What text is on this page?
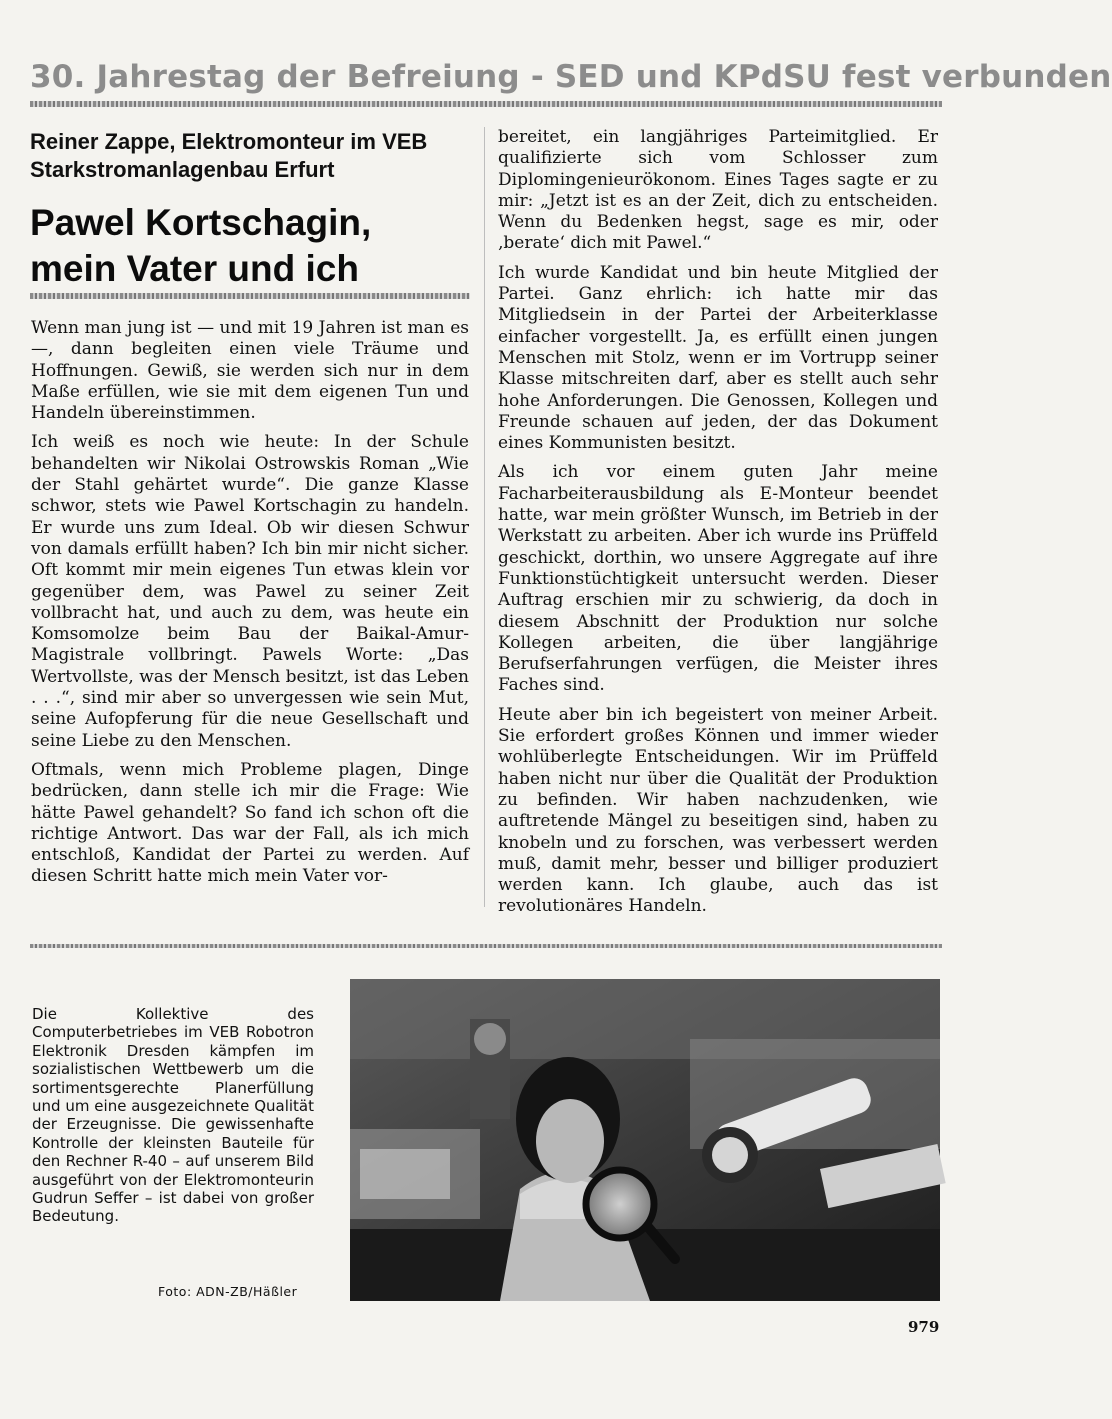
30. Jahrestag der Befreiung - SED und KPdSU fest verbunden
Reiner Zappe, Elektromonteur im VEB Starkstromanlagenbau Erfurt
Pawel Kortschagin,
mein Vater und ich

Wenn man jung ist — und mit 19 Jahren ist man es —, dann begleiten einen viele Träume und Hoffnungen. Gewiß, sie werden sich nur in dem Maße erfüllen, wie sie mit dem eigenen Tun und Handeln übereinstimmen.

Ich weiß es noch wie heute: In der Schule behandelten wir Nikolai Ostrowskis Roman „Wie der Stahl gehärtet wurde“. Die ganze Klasse schwor, stets wie Pawel Kortschagin zu handeln. Er wurde uns zum Ideal. Ob wir diesen Schwur von damals erfüllt haben? Ich bin mir nicht sicher. Oft kommt mir mein eigenes Tun etwas klein vor gegenüber dem, was Pawel zu seiner Zeit vollbracht hat, und auch zu dem, was heute ein Komsomolze beim Bau der Baikal-Amur-Magistrale vollbringt. Pawels Worte: „Das Wertvollste, was der Mensch besitzt, ist das Leben . . .“, sind mir aber so unvergessen wie sein Mut, seine Aufopferung für die neue Gesellschaft und seine Liebe zu den Menschen.

Oftmals, wenn mich Probleme plagen, Dinge bedrücken, dann stelle ich mir die Frage: Wie hätte Pawel gehandelt? So fand ich schon oft die richtige Antwort. Das war der Fall, als ich mich entschloß, Kandidat der Partei zu werden. Auf diesen Schritt hatte mich mein Vater vor-

bereitet, ein langjähriges Parteimitglied. Er qualifizierte sich vom Schlosser zum Diplomingenieurökonom. Eines Tages sagte er zu mir: „Jetzt ist es an der Zeit, dich zu entscheiden. Wenn du Bedenken hegst, sage es mir, oder ‚berate‘ dich mit Pawel.“

Ich wurde Kandidat und bin heute Mitglied der Partei. Ganz ehrlich: ich hatte mir das Mitgliedsein in der Partei der Arbeiterklasse einfacher vorgestellt. Ja, es erfüllt einen jungen Menschen mit Stolz, wenn er im Vortrupp seiner Klasse mitschreiten darf, aber es stellt auch sehr hohe Anforderungen. Die Genossen, Kollegen und Freunde schauen auf jeden, der das Dokument eines Kommunisten besitzt.

Als ich vor einem guten Jahr meine Facharbeiterausbildung als E-Monteur beendet hatte, war mein größter Wunsch, im Betrieb in der Werkstatt zu arbeiten. Aber ich wurde ins Prüffeld geschickt, dorthin, wo unsere Aggregate auf ihre Funktionstüchtigkeit untersucht werden. Dieser Auftrag erschien mir zu schwierig, da doch in diesem Abschnitt der Produktion nur solche Kollegen arbeiten, die über langjährige Berufserfahrungen verfügen, die Meister ihres Faches sind.

Heute aber bin ich begeistert von meiner Arbeit. Sie erfordert großes Können und immer wieder wohlüberlegte Entscheidungen. Wir im Prüffeld haben nicht nur über die Qualität der Produktion zu befinden. Wir haben nachzudenken, wie auftretende Mängel zu beseitigen sind, haben zu knobeln und zu forschen, was verbessert werden muß, damit mehr, besser und billiger produziert werden kann. Ich glaube, auch das ist revolutionäres Handeln.

Die Kollektive des Computerbetriebes im VEB Robotron Elektronik Dresden kämpfen im sozialistischen Wettbewerb um die sortimentsgerechte Planerfüllung und um eine ausgezeichnete Qualität der Erzeugnisse. Die gewissenhafte Kontrolle der kleinsten Bauteile für den Rechner R-40 – auf unserem Bild ausgeführt von der Elektromonteurin Gudrun Seffer – ist dabei von großer Bedeutung.
Foto: ADN-ZB/Häßler
979
